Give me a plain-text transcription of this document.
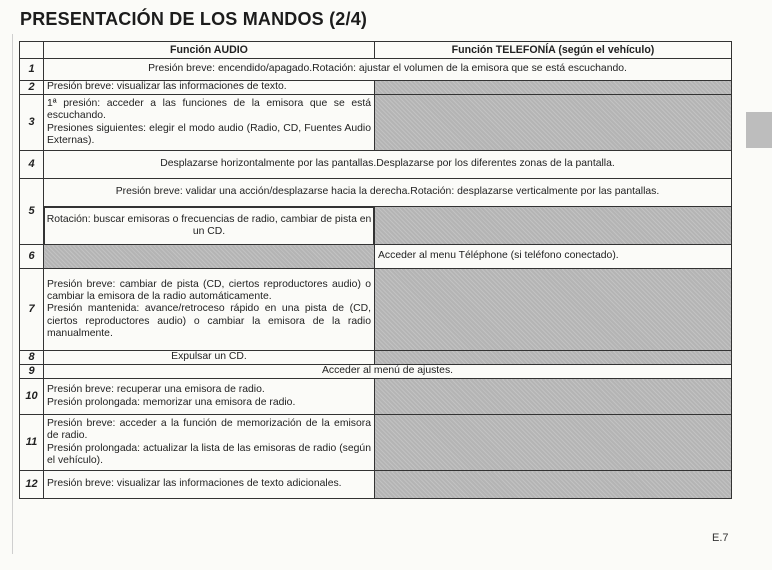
PRESENTACIÓN DE LOS MANDOS (2/4)
	Función AUDIO	Función TELEFONÍA (según el vehículo)
1	Presión breve: encendido/apagado.Rotación: ajustar el volumen de la emisora que se está escuchando.	
2	Presión breve: visualizar las informaciones de texto.	
3	1ª presión: acceder a las funciones de la emisora que se está escuchando.
Presiones siguientes: elegir el modo audio (Radio, CD, Fuentes Audio Externas).	

4	Desplazarse horizontalmente por las pantallas.Desplazarse por los diferentes zonas de la pantalla.	
5	Presión breve: validar una acción/desplazarse hacia la derecha.Rotación: desplazarse verticalmente por las pantallas.	

Rotación: buscar emisoras o frecuencias de radio, cambiar de pista en un CD.	

6		Acceder al menu Téléphone (si teléfono conectado).
7	Presión breve: cambiar de pista (CD, ciertos reproductores audio) o cambiar la emisora de la radio automáticamente.
Presión mantenida: avance/retroceso rápido en una pista de (CD, ciertos reproductores audio) o cambiar la emisora de la radio manualmente.	

8	Expulsar un CD.	
9	Acceder al menú de ajustes.	
10	Presión breve: recuperar una emisora de radio.
Presión prolongada: memorizar una emisora de radio.	

11	Presión breve: acceder a la función de memorización de la emisora de radio.
Presión prolongada: actualizar la lista de las emisoras de radio (según el vehículo).	

12	Presión breve: visualizar las informaciones de texto adicionales.	
E.7
